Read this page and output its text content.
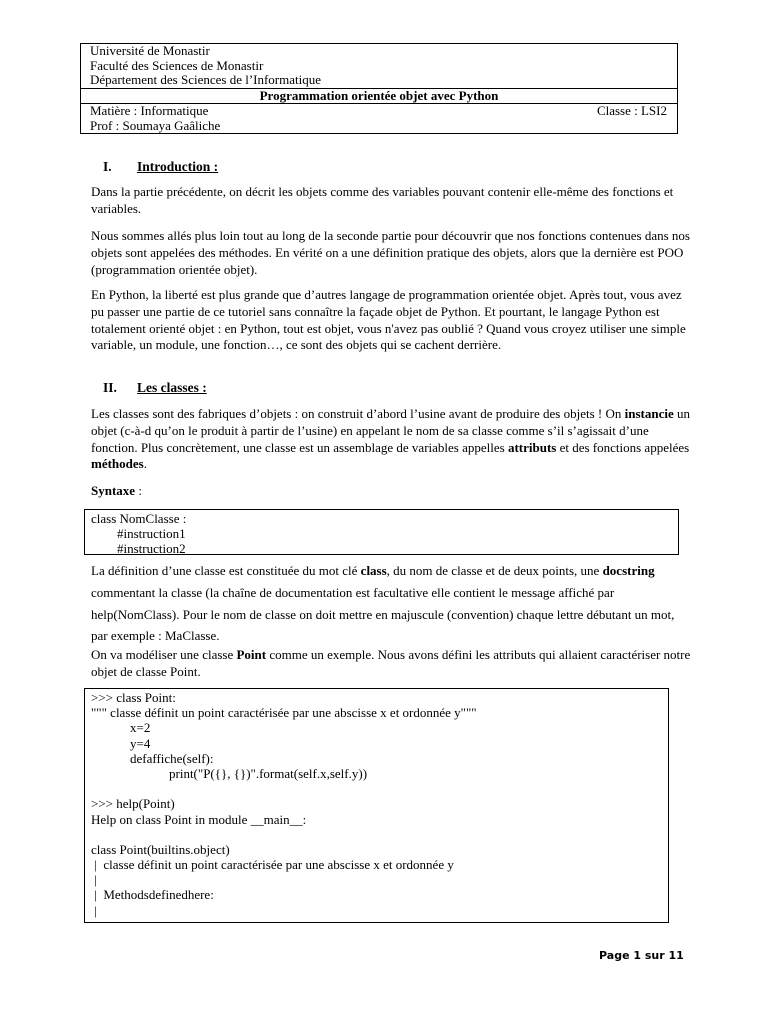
Université de Monastir
Faculté des Sciences de Monastir
Département des Sciences de l’Informatique
Programmation orientée objet avec Python

Matière : Informatique	Classe : LSI2

Prof : Soumaya Gaâliche
I. Introduction :
Dans la partie précédente, on décrit les objets comme des variables pouvant contenir elle-même des fonctions et variables.
Nous sommes allés plus loin tout au long de la seconde partie pour découvrir que nos fonctions contenues dans nos objets sont appelées des méthodes. En vérité on a une définition pratique des objets, alors que la dernière est POO (programmation orientée objet).
En Python, la liberté est plus grande que d’autres langage de programmation orientée objet. Après tout, vous avez pu passer une partie de ce tutoriel sans connaître la façade objet de Python. Et pourtant, le langage Python est totalement orienté objet : en Python, tout est objet, vous n'avez pas oublié ? Quand vous croyez utiliser une simple variable, un module, une fonction…, ce sont des objets qui se cachent derrière.
II. Les classes :
Les classes sont des fabriques d’objets : on construit d’abord l’usine avant de produire des objets ! On instancie un objet (c-à-d qu’on le produit à partir de l’usine) en appelant le nom de sa classe comme s’il s’agissait d’une fonction. Plus concrètement, une classe est un assemblage de variables appelles attributs et des fonctions appelées méthodes.
Syntaxe :
class NomClasse :
#instruction1
#instruction2
La définition d’une classe est constituée du mot clé class, du nom de classe et de deux points, une docstring commentant la classe (la chaîne de documentation est facultative elle contient le message affiché par help(NomClass). Pour le nom de classe on doit mettre en majuscule (convention) chaque lettre débutant un mot, par exemple : MaClasse.
On va modéliser une classe Point comme un exemple. Nous avons défini les attributs qui allaient caractériser notre objet de classe Point.
>>> class Point:
""" classe définit un point caractérisée par une abscisse x et ordonnée y"""
x=2
y=4
defaffiche(self):
print("P({}, {})".format(self.x,self.y))
>>> help(Point)
Help on class Point in module __main__:
class Point(builtins.object)
|  classe définit un point caractérisée par une abscisse x et ordonnée y
|
|  Methodsdefinedhere:
|
Page 1 sur 11
